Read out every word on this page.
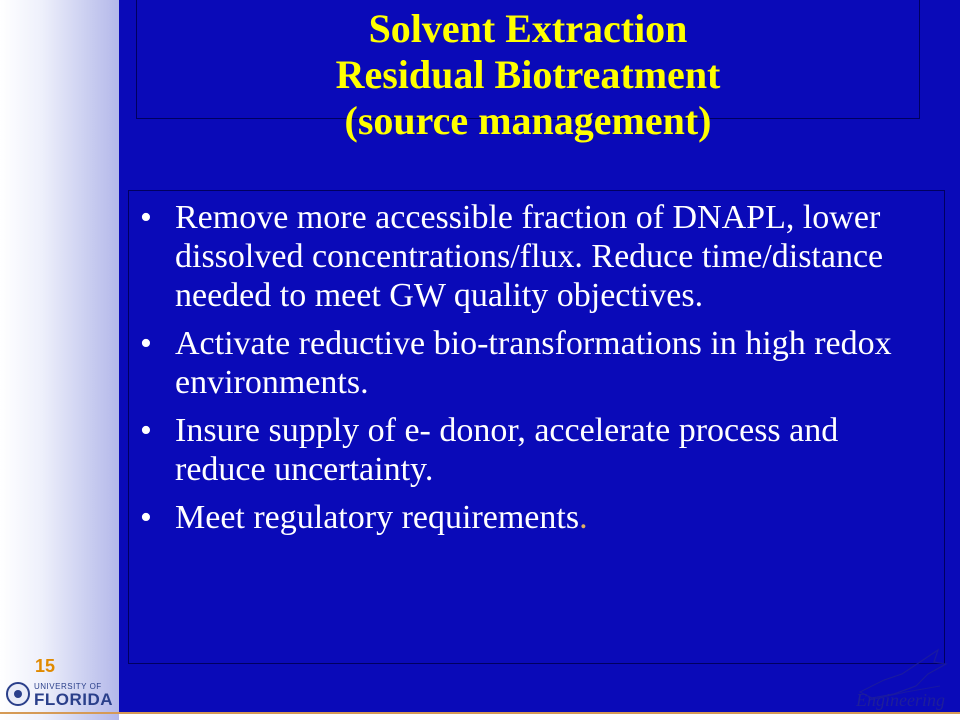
Solvent Extraction
Residual Biotreatment
(source management)
• Remove more accessible fraction of DNAPL, lower dissolved concentrations/flux. Reduce time/distance needed to meet GW quality objectives.
• Activate reductive bio-transformations in high redox environments.
• Insure supply of e- donor, accelerate process and reduce uncertainty.
• Meet regulatory requirements.
15
UNIVERSITY OF
FLORIDA	Engineering
